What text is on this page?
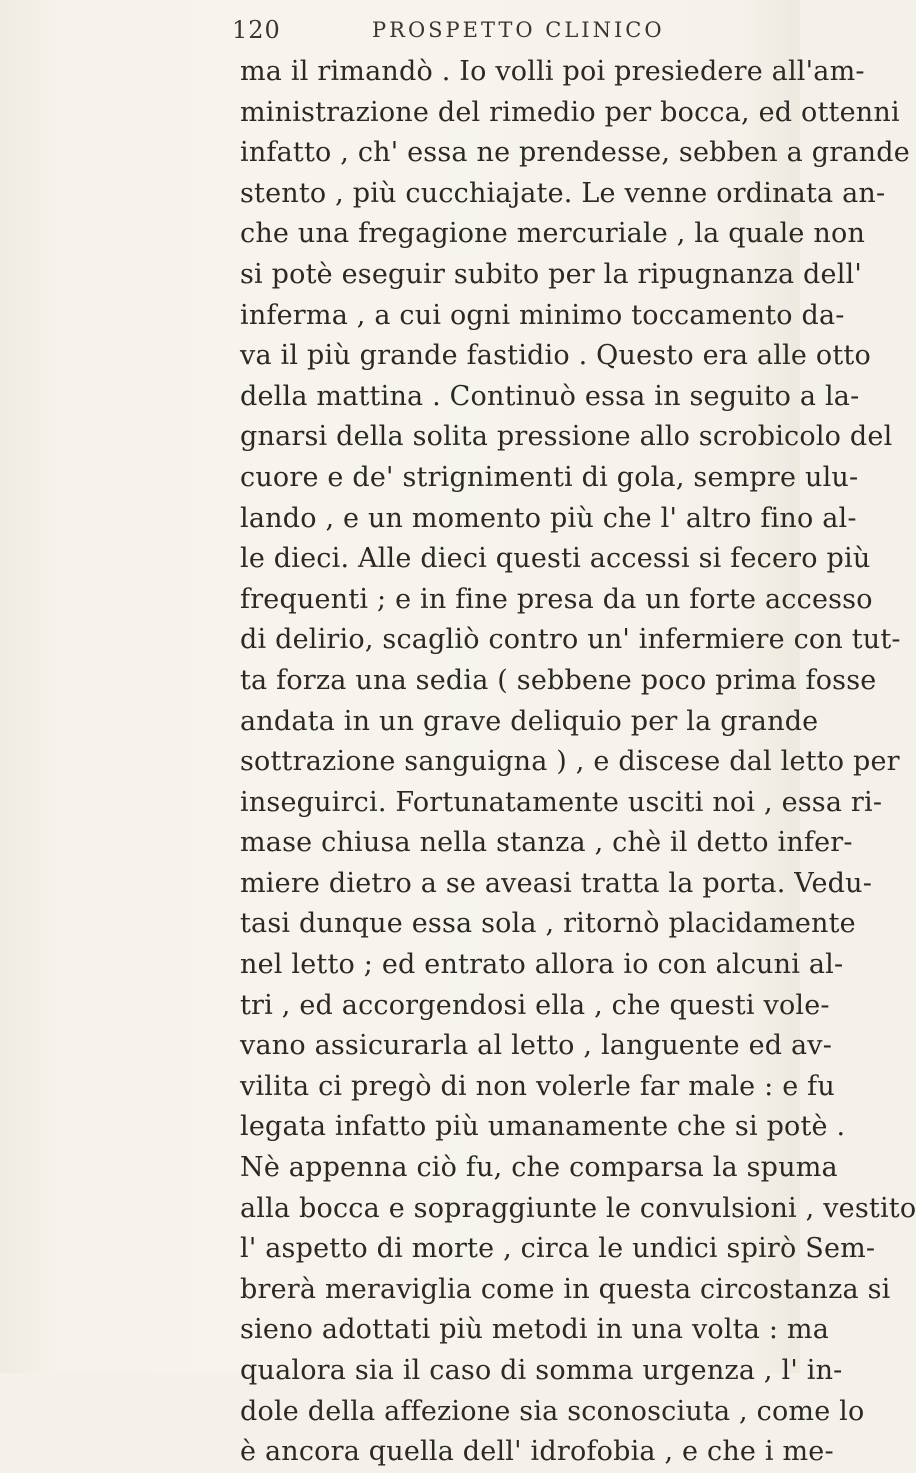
120	PROSPETTO CLINICO
ma il rimandò . Io volli poi presiedere all'am-
ministrazione del rimedio per bocca, ed ottenni
infatto , ch' essa ne prendesse, sebben a grande
stento , più cucchiajate. Le venne ordinata an-
che una fregagione mercuriale , la quale non
si potè eseguir subito per la ripugnanza dell'
inferma , a cui ogni minimo toccamento da-
va il più grande fastidio . Questo era alle otto
della mattina . Continuò essa in seguito a la-
gnarsi della solita pressione allo scrobicolo del
cuore e de' strignimenti di gola, sempre ulu-
lando , e un momento più che l' altro fino al-
le dieci. Alle dieci questi accessi si fecero più
frequenti ; e in fine presa da un forte accesso
di delirio, scagliò contro un' infermiere con tut-
ta forza una sedia ( sebbene poco prima fosse
andata in un grave deliquio per la grande
sottrazione sanguigna ) , e discese dal letto per
inseguirci. Fortunatamente usciti noi , essa ri-
mase chiusa nella stanza , chè il detto infer-
miere dietro a se aveasi tratta la porta. Vedu-
tasi dunque essa sola , ritornò placidamente
nel letto ; ed entrato allora io con alcuni al-
tri , ed accorgendosi ella , che questi vole-
vano assicurarla al letto , languente ed av-
vilita ci pregò di non volerle far male : e fu
legata infatto più umanamente che si potè .
Nè appenna ciò fu, che comparsa la spuma
alla bocca e sopraggiunte le convulsioni , vestito
l' aspetto di morte , circa le undici spirò Sem-
brerà meraviglia come in questa circostanza si
sieno adottati più metodi in una volta : ma
qualora sia il caso di somma urgenza , l' in-
dole della affezione sia sconosciuta , come lo
è ancora quella dell' idrofobia , e che i me-
